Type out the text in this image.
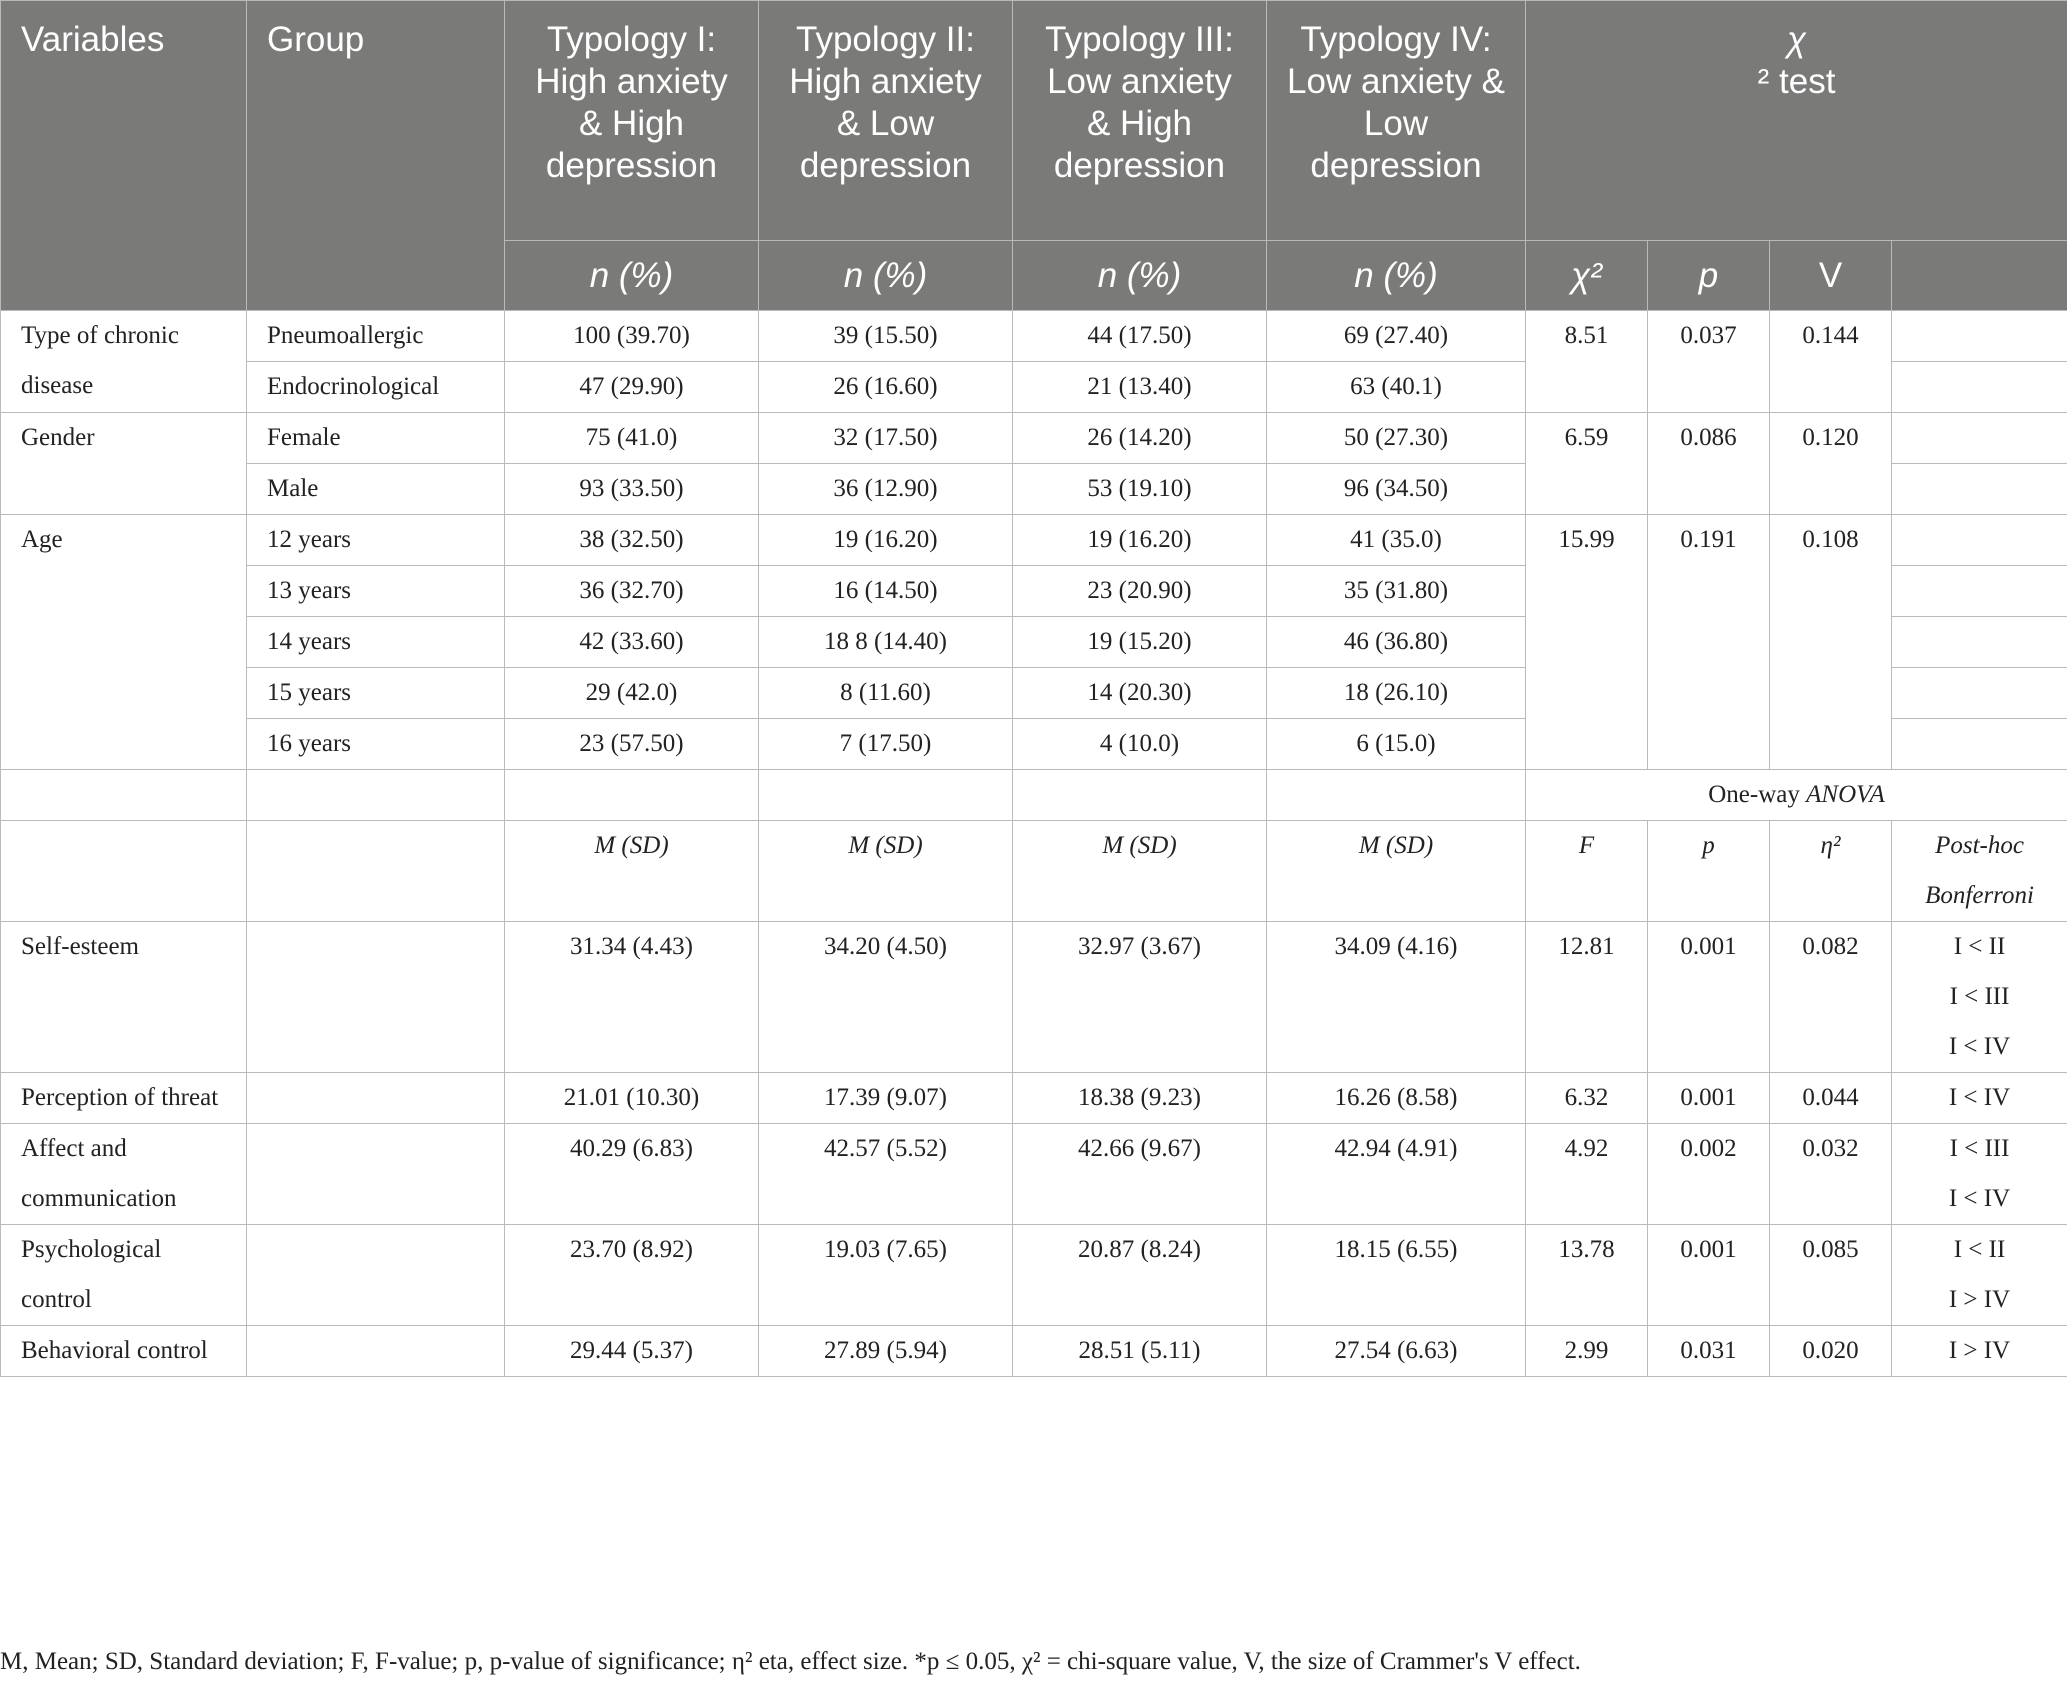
Variables	Group	Typology I: High anxiety & High depression	Typology II: High anxiety & Low depression	Typology III: Low anxiety & High depression	Typology IV: Low anxiety & Low depression	χ
² test			
		n (%)	n (%)	n (%)	n (%)	χ²	p	V	
Type of chronic disease	Pneumoallergic	100 (39.70)	39 (15.50)	44 (17.50)	69 (27.40)	8.51	0.037	0.144	
	Endocrinological	47 (29.90)	26 (16.60)	21 (13.40)	63 (40.1)				
Gender	Female	75 (41.0)	32 (17.50)	26 (14.20)	50 (27.30)	6.59	0.086	0.120	
	Male	93 (33.50)	36 (12.90)	53 (19.10)	96 (34.50)				
Age	12 years	38 (32.50)	19 (16.20)	19 (16.20)	41 (35.0)	15.99	0.191	0.108	
	13 years	36 (32.70)	16 (14.50)	23 (20.90)	35 (31.80)				
	14 years	42 (33.60)	18 8 (14.40)	19 (15.20)	46 (36.80)				
	15 years	29 (42.0)	8 (11.60)	14 (20.30)	18 (26.10)				
	16 years	23 (57.50)	7 (17.50)	4 (10.0)	6 (15.0)				
						One-way ANOVA			
		M (SD)	M (SD)	M (SD)	M (SD)	F	p	η²	Post-hoc
Bonferroni

Self-esteem		31.34 (4.43)	34.20 (4.50)	32.97 (3.67)	34.09 (4.16)	12.81	0.001	0.082	I < II
I < III
I < IV

Perception of threat		21.01 (10.30)	17.39 (9.07)	18.38 (9.23)	16.26 (8.58)	6.32	0.001	0.044	I < IV

Affect and communication		40.29 (6.83)	42.57 (5.52)	42.66 (9.67)	42.94 (4.91)	4.92	0.002	0.032	I < III
I < IV

Psychological control		23.70 (8.92)	19.03 (7.65)	20.87 (8.24)	18.15 (6.55)	13.78	0.001	0.085	I < II
I > IV

Behavioral control		29.44 (5.37)	27.89 (5.94)	28.51 (5.11)	27.54 (6.63)	2.99	0.031	0.020	I > IV
M, Mean; SD, Standard deviation; F, F-value; p, p-value of significance; η² eta, effect size. *p ≤ 0.05, χ² = chi-square value, V, the size of Crammer's V effect.
